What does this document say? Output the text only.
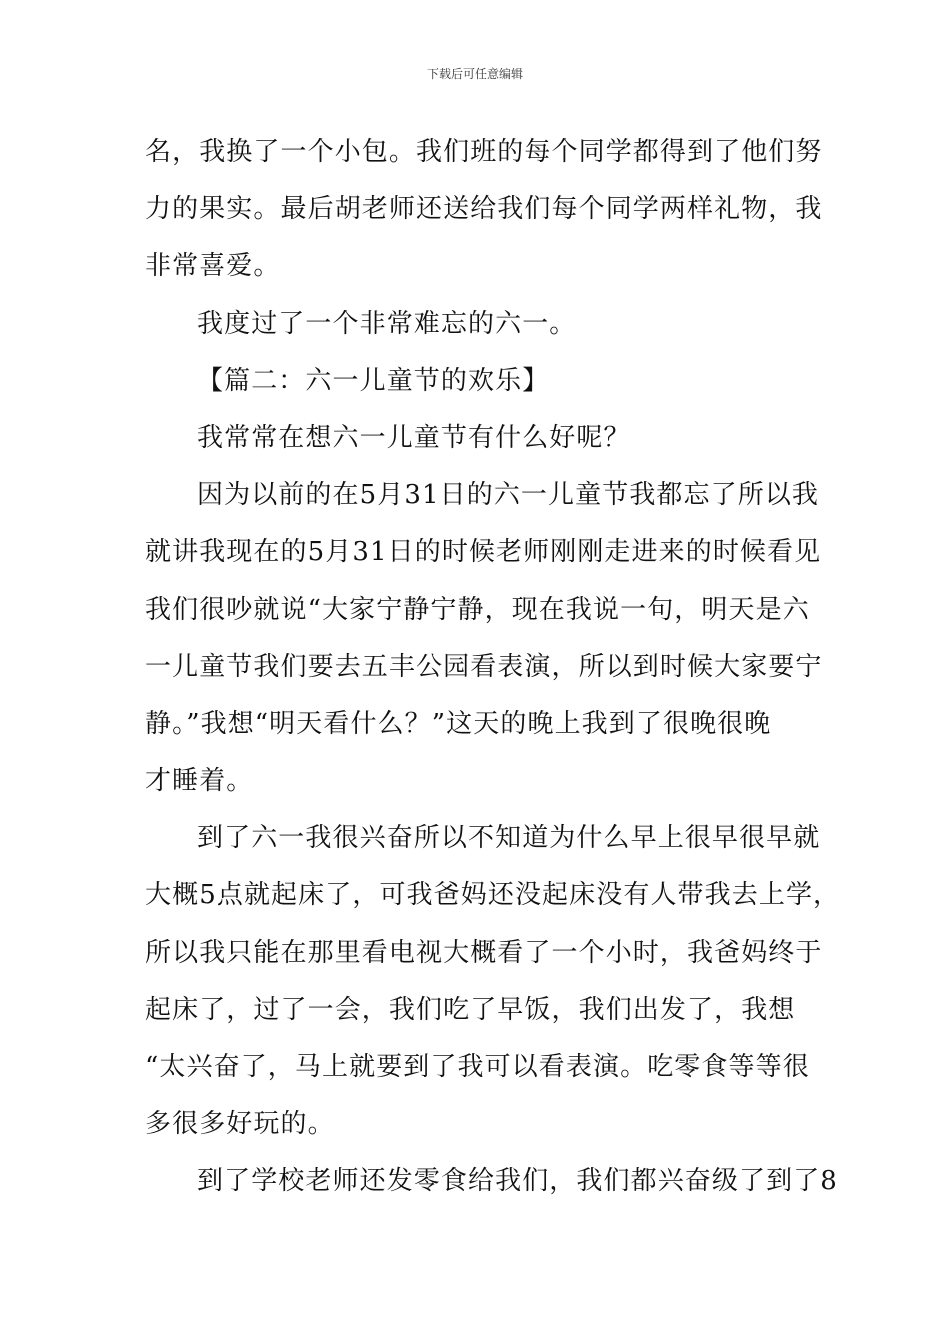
下载后可任意编辑
名，我换了一个小包。我们班的每个同学都得到了他们努
力的果实。最后胡老师还送给我们每个同学两样礼物，我
非常喜爱。
我度过了一个非常难忘的六一。
【篇二：六一儿童节的欢乐】
我常常在想六一儿童节有什么好呢？
因为以前的在5月31日的六一儿童节我都忘了所以我
就讲我现在的5月31日的时候老师刚刚走进来的时候看见
我们很吵就说“大家宁静宁静，现在我说一句，明天是六
一儿童节我们要去五丰公园看表演，所以到时候大家要宁
静。”我想“明天看什么？”这天的晚上我到了很晚很晚
才睡着。
到了六一我很兴奋所以不知道为什么早上很早很早就
大概5点就起床了，可我爸妈还没起床没有人带我去上学，
所以我只能在那里看电视大概看了一个小时，我爸妈终于
起床了，过了一会，我们吃了早饭，我们出发了，我想
“太兴奋了，马上就要到了我可以看表演。吃零食等等很
多很多好玩的。
到了学校老师还发零食给我们，我们都兴奋级了到了8
